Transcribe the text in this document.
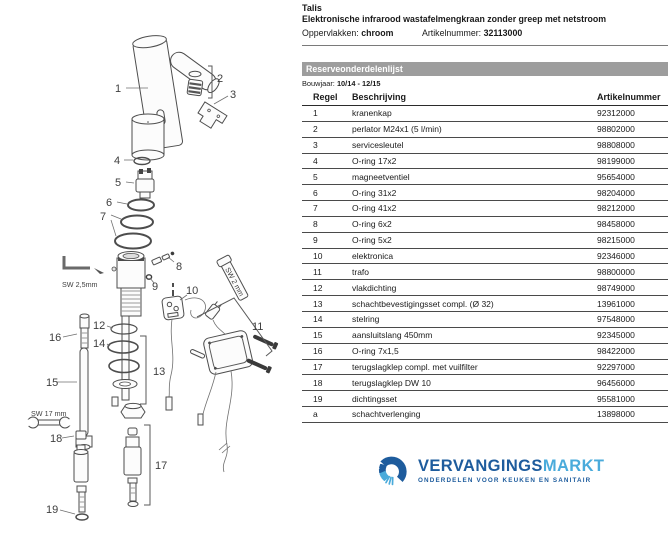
1
2
3
4
5
6
7
8
9	10
11
12
13
14
15
16
17
18
19
SW 2,5mm
SW 17 mm
SW 2 mm
Talis
Elektronische infrarood wastafelmengkraan zonder greep met netstroom
Oppervlakken: chroom	Artikelnummer: 32113000
Reserveonderdelenlijst
Bouwjaar: 10/14 - 12/15
Regel	Beschrijving	Artikelnummer
1	kranenkap	92312000
2	perlator M24x1 (5 l/min)	98802000
3	servicesleutel	98808000
4	O-ring 17x2	98199000
5	magneetventiel	95654000
6	O-ring 31x2	98204000
7	O-ring 41x2	98212000
8	O-ring 6x2	98458000
9	O-ring 5x2	98215000
10	elektronica	92346000
11	trafo	98800000
12	vlakdichting	98749000
13	schachtbevestigingsset compl. (Ø 32)	13961000
14	stelring	97548000
15	aansluitslang 450mm	92345000
16	O-ring 7x1,5	98422000
17	terugslagklep compl. met vuilfilter	92297000
18	terugslagklep DW 10	96456000
19	dichtingsset	95581000
a	schachtverlenging	13898000
VERVANGINGSMARKT
ONDERDELEN VOOR KEUKEN EN SANITAIR
